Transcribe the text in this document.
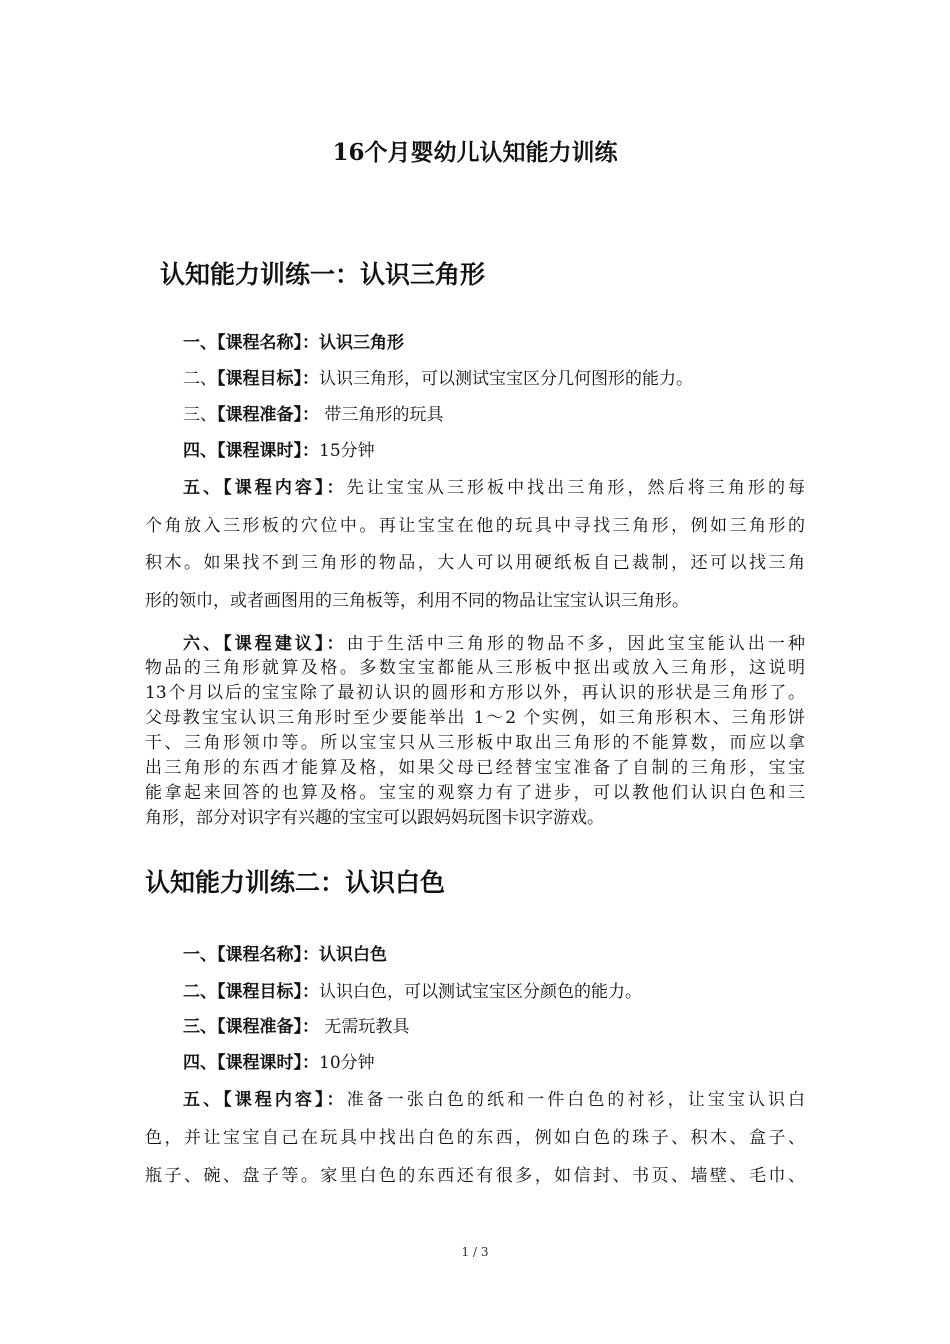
16个月婴幼儿认知能力训练
认知能力训练一：认识三角形
一、【课程名称】：认识三角形
二、【课程目标】：认识三角形，可以测试宝宝区分几何图形的能力。
三、【课程准备】： 带三角形的玩具
四、【课程课时】：15分钟
五、【课程内容】：先让宝宝从三形板中找出三角形，然后将三角形的每
个角放入三形板的穴位中。再让宝宝在他的玩具中寻找三角形，例如三角形的
积木。如果找不到三角形的物品，大人可以用硬纸板自己裁制，还可以找三角
形的领巾，或者画图用的三角板等，利用不同的物品让宝宝认识三角形。
六、【课程建议】：由于生活中三角形的物品不多，因此宝宝能认出一种
物品的三角形就算及格。多数宝宝都能从三形板中抠出或放入三角形，这说明
13个月以后的宝宝除了最初认识的圆形和方形以外，再认识的形状是三角形了。
父母教宝宝认识三角形时至少要能举出 1～2 个实例，如三角形积木、三角形饼
干、三角形领巾等。所以宝宝只从三形板中取出三角形的不能算数，而应以拿
出三角形的东西才能算及格，如果父母已经替宝宝准备了自制的三角形，宝宝
能拿起来回答的也算及格。宝宝的观察力有了进步，可以教他们认识白色和三
角形，部分对识字有兴趣的宝宝可以跟妈妈玩图卡识字游戏。
认知能力训练二：认识白色
一、【课程名称】：认识白色
二、【课程目标】：认识白色，可以测试宝宝区分颜色的能力。
三、【课程准备】： 无需玩教具
四、【课程课时】：10分钟
五、【课程内容】：准备一张白色的纸和一件白色的衬衫，让宝宝认识白
色，并让宝宝自己在玩具中找出白色的东西，例如白色的珠子、积木、盒子、
瓶子、碗、盘子等。家里白色的东西还有很多，如信封、书页、墙壁、毛巾、
1 / 3
